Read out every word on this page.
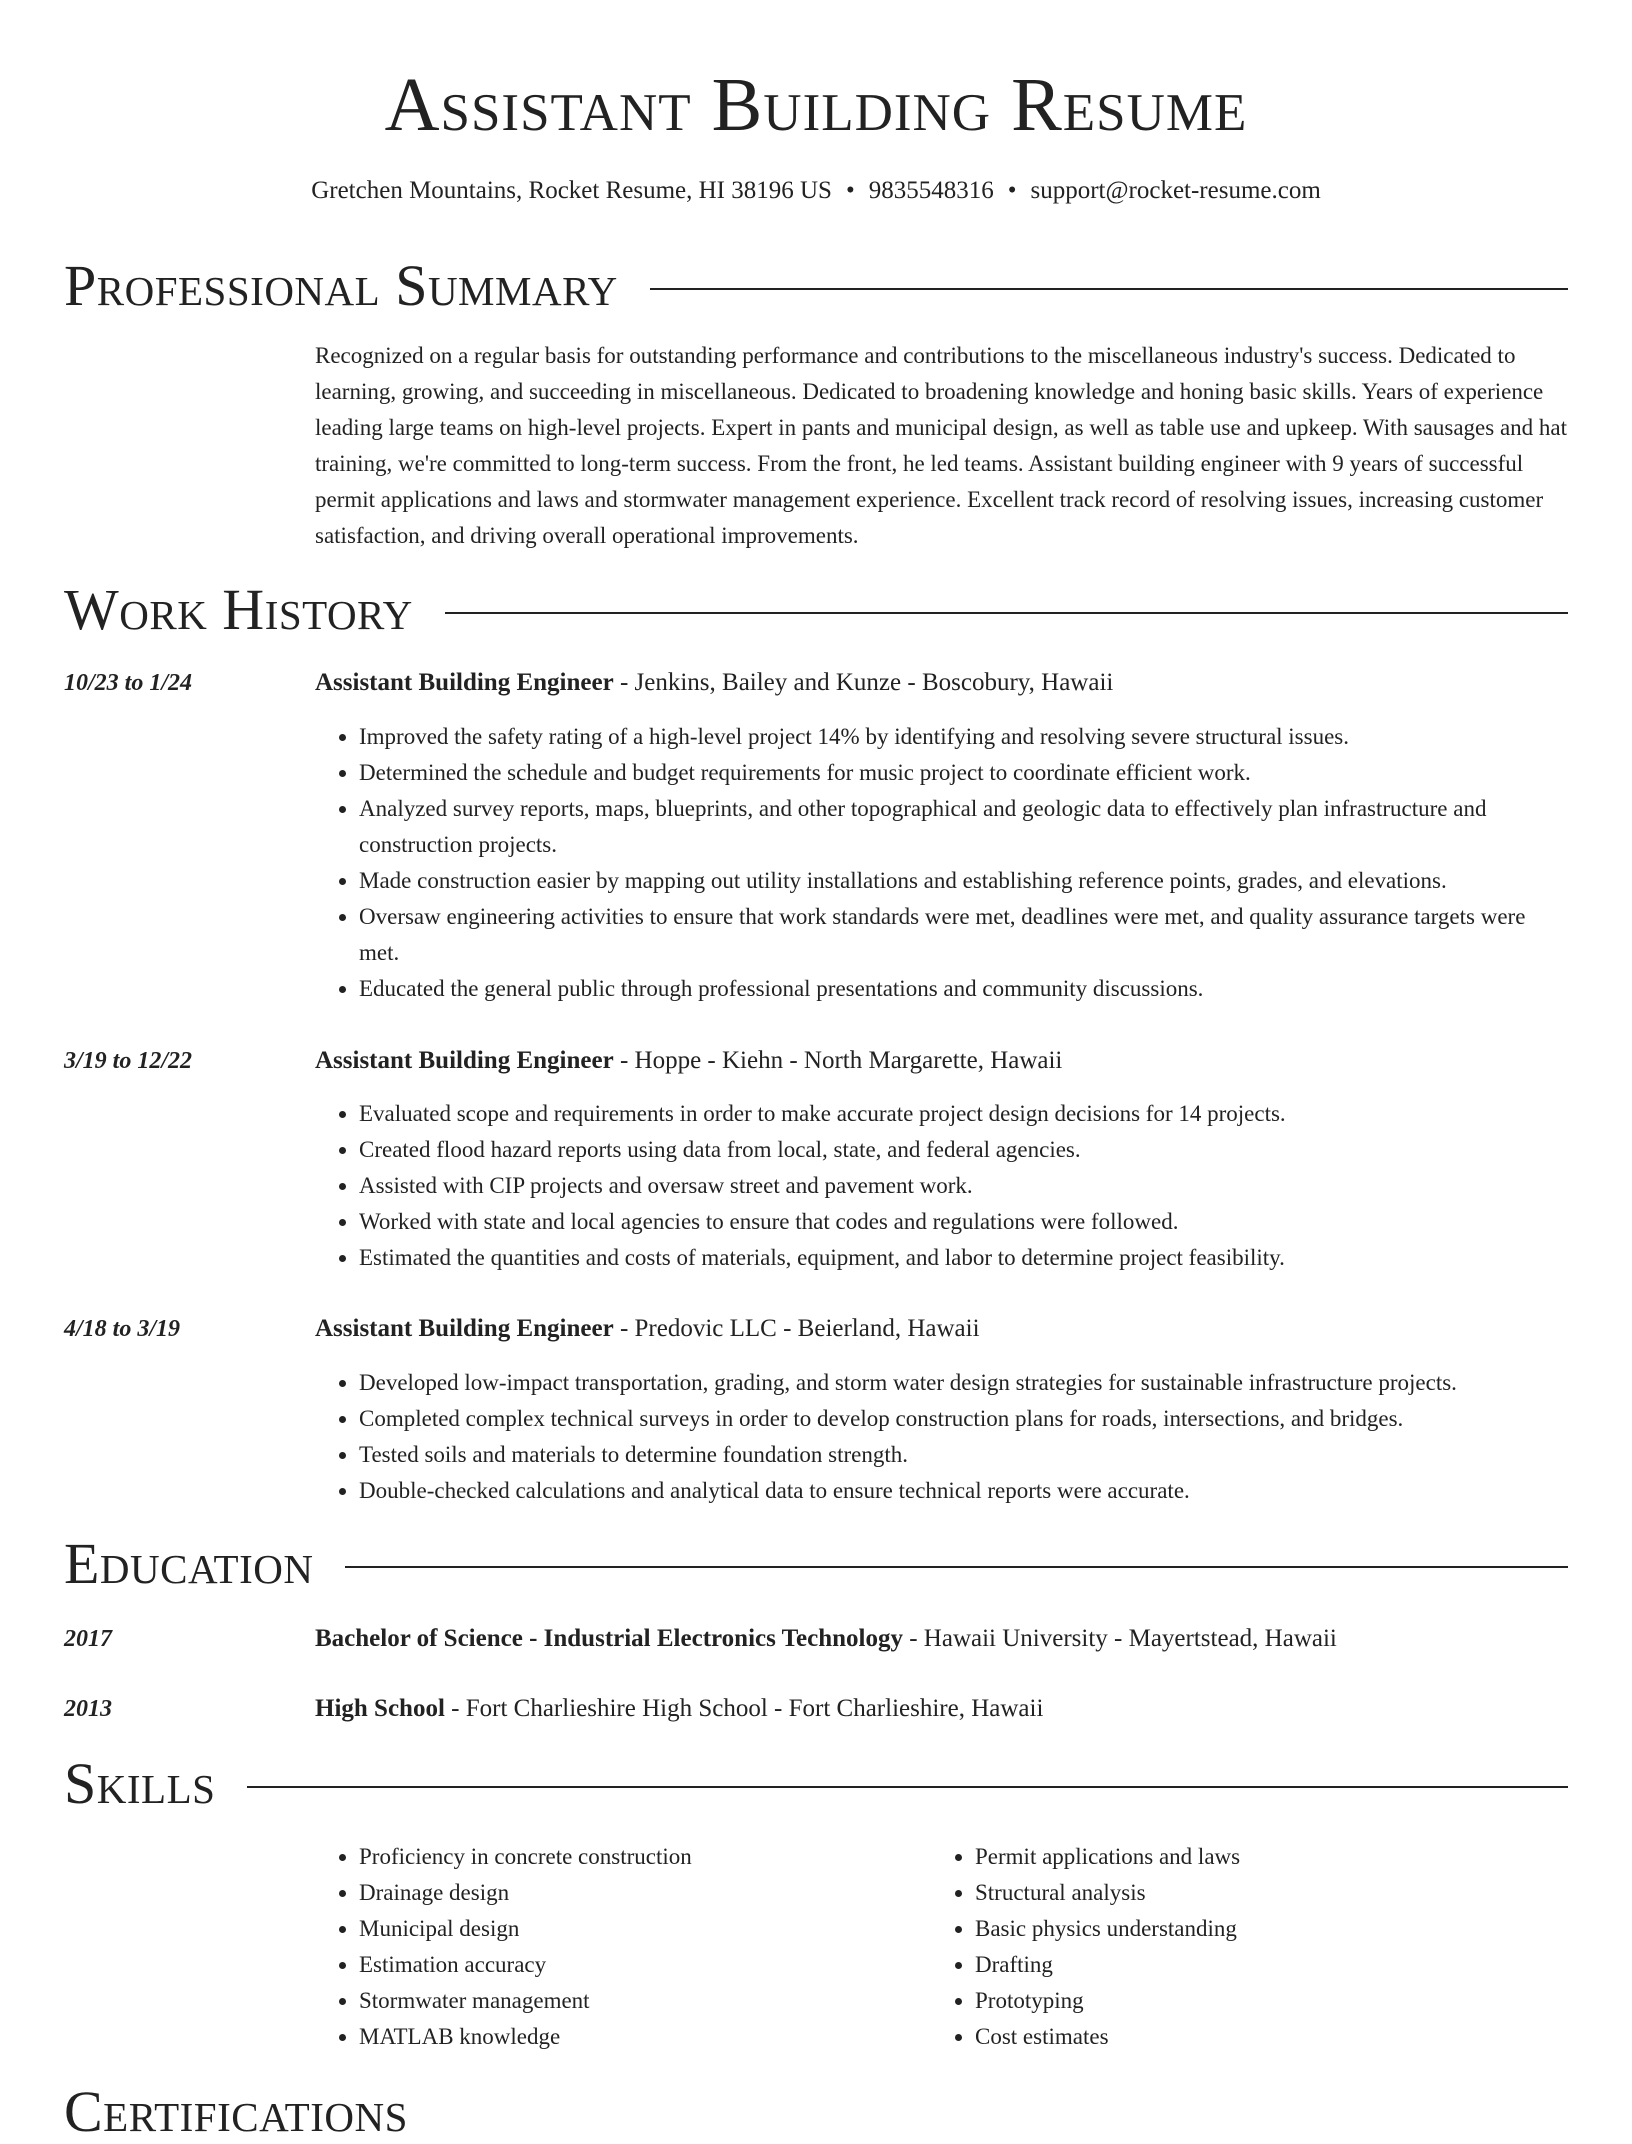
Assistant Building Resume
Gretchen Mountains, Rocket Resume, HI 38196 US • 9835548316 • support@rocket-resume.com
Professional Summary

Recognized on a regular basis for outstanding performance and contributions to the miscellaneous industry's success. Dedicated to learning, growing, and succeeding in miscellaneous. Dedicated to broadening knowledge and honing basic skills. Years of experience leading large teams on high-level projects. Expert in pants and municipal design, as well as table use and upkeep. With sausages and hat training, we're committed to long-term success. From the front, he led teams. Assistant building engineer with 9 years of successful permit applications and laws and stormwater management experience. Excellent track record of resolving issues, increasing customer satisfaction, and driving overall operational improvements.

Work History
10/23 to 1/24	Assistant Building Engineer - Jenkins, Bailey and Kunze - Boscobury, Hawaii
• Improved the safety rating of a high-level project 14% by identifying and resolving severe structural issues.
• Determined the schedule and budget requirements for music project to coordinate efficient work.
• Analyzed survey reports, maps, blueprints, and other topographical and geologic data to effectively plan infrastructure and construction projects.
• Made construction easier by mapping out utility installations and establishing reference points, grades, and elevations.
• Oversaw engineering activities to ensure that work standards were met, deadlines were met, and quality assurance targets were met.
• Educated the general public through professional presentations and community discussions.
3/19 to 12/22	Assistant Building Engineer - Hoppe - Kiehn - North Margarette, Hawaii
• Evaluated scope and requirements in order to make accurate project design decisions for 14 projects.
• Created flood hazard reports using data from local, state, and federal agencies.
• Assisted with CIP projects and oversaw street and pavement work.
• Worked with state and local agencies to ensure that codes and regulations were followed.
• Estimated the quantities and costs of materials, equipment, and labor to determine project feasibility.
4/18 to 3/19	Assistant Building Engineer - Predovic LLC - Beierland, Hawaii
• Developed low-impact transportation, grading, and storm water design strategies for sustainable infrastructure projects.
• Completed complex technical surveys in order to develop construction plans for roads, intersections, and bridges.
• Tested soils and materials to determine foundation strength.
• Double-checked calculations and analytical data to ensure technical reports were accurate.
Education
2017	Bachelor of Science - Industrial Electronics Technology - Hawaii University - Mayertstead, Hawaii
2013	High School - Fort Charlieshire High School - Fort Charlieshire, Hawaii
Skills
• Proficiency in concrete construction
• Drainage design
• Municipal design
• Estimation accuracy
• Stormwater management
• MATLAB knowledge
• Permit applications and laws
• Structural analysis
• Basic physics understanding
• Drafting
• Prototyping
• Cost estimates
Certifications
